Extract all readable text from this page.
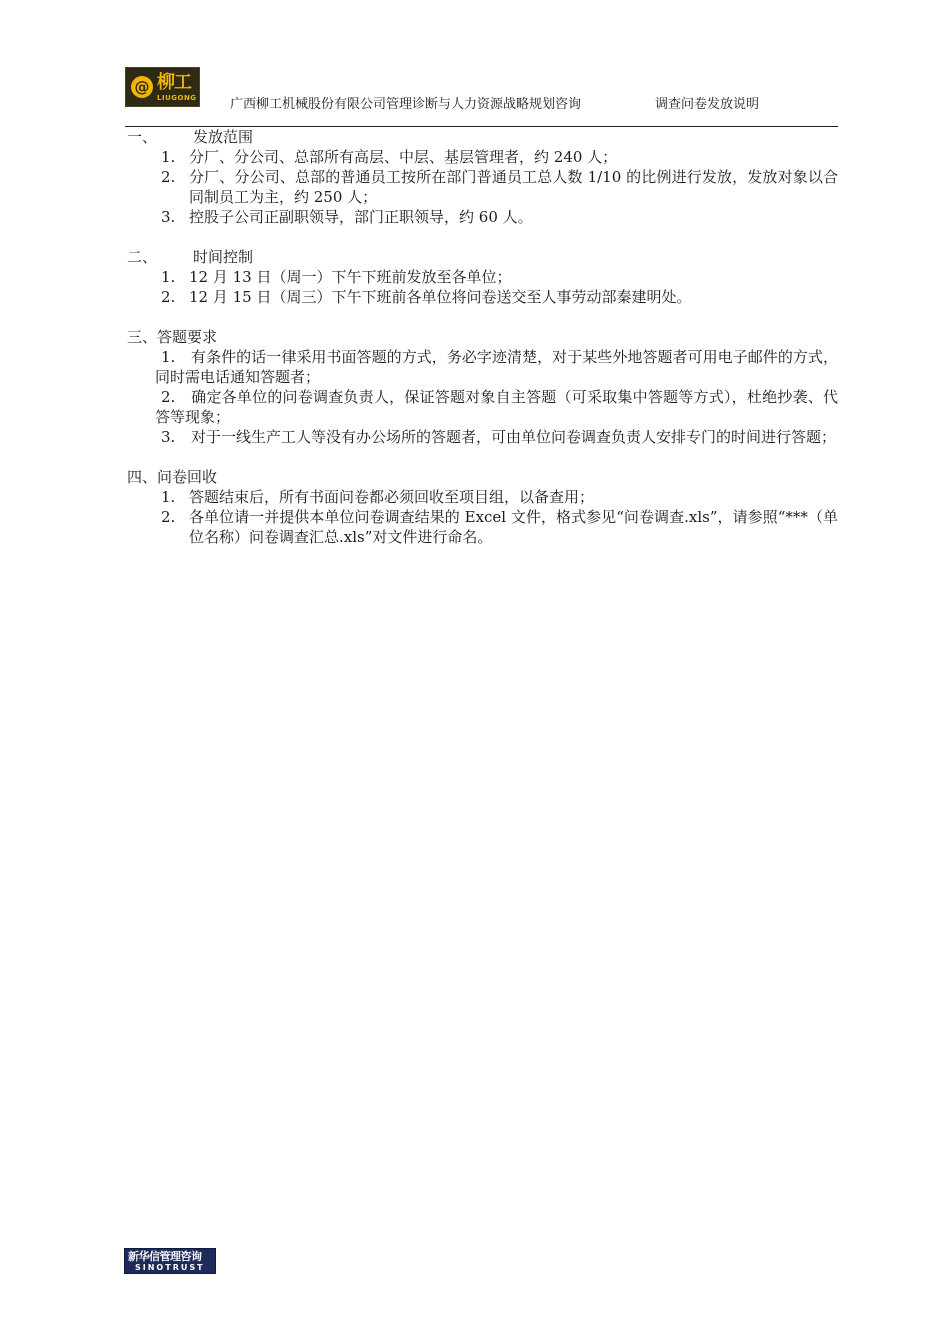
@ 柳工
LIUGONG	广西柳工机械股份有限公司管理诊断与人力资源战略规划咨询	调查问卷发放说明
一、	发放范围
1. 分厂、分公司、总部所有高层、中层、基层管理者，约 240 人；
2. 分厂、分公司、总部的普通员工按所在部门普通员工总人数 1/10 的比例进行发放，发放对象以合同制员工为主，约 250 人；
3. 控股子公司正副职领导，部门正职领导，约 60 人。
二、	时间控制
1. 12 月 13 日（周一）下午下班前发放至各单位；
2. 12 月 15 日（周三）下午下班前各单位将问卷送交至人事劳动部秦建明处。
三、 答题要求
1. 有条件的话一律采用书面答题的方式，务必字迹清楚，对于某些外地答题者可用电子邮件的方式，同时需电话通知答题者；
2. 确定各单位的问卷调查负责人，保证答题对象自主答题（可采取集中答题等方式），杜绝抄袭、代答等现象；
3. 对于一线生产工人等没有办公场所的答题者，可由单位问卷调查负责人安排专门的时间进行答题；
四、 问卷回收
1. 答题结束后，所有书面问卷都必须回收至项目组，以备查用；
2. 各单位请一并提供本单位问卷调查结果的 Excel 文件，格式参见“问卷调查.xls”，请参照“***（单位名称）问卷调查汇总.xls”对文件进行命名。
新华信管理咨询
SINOTRUST
